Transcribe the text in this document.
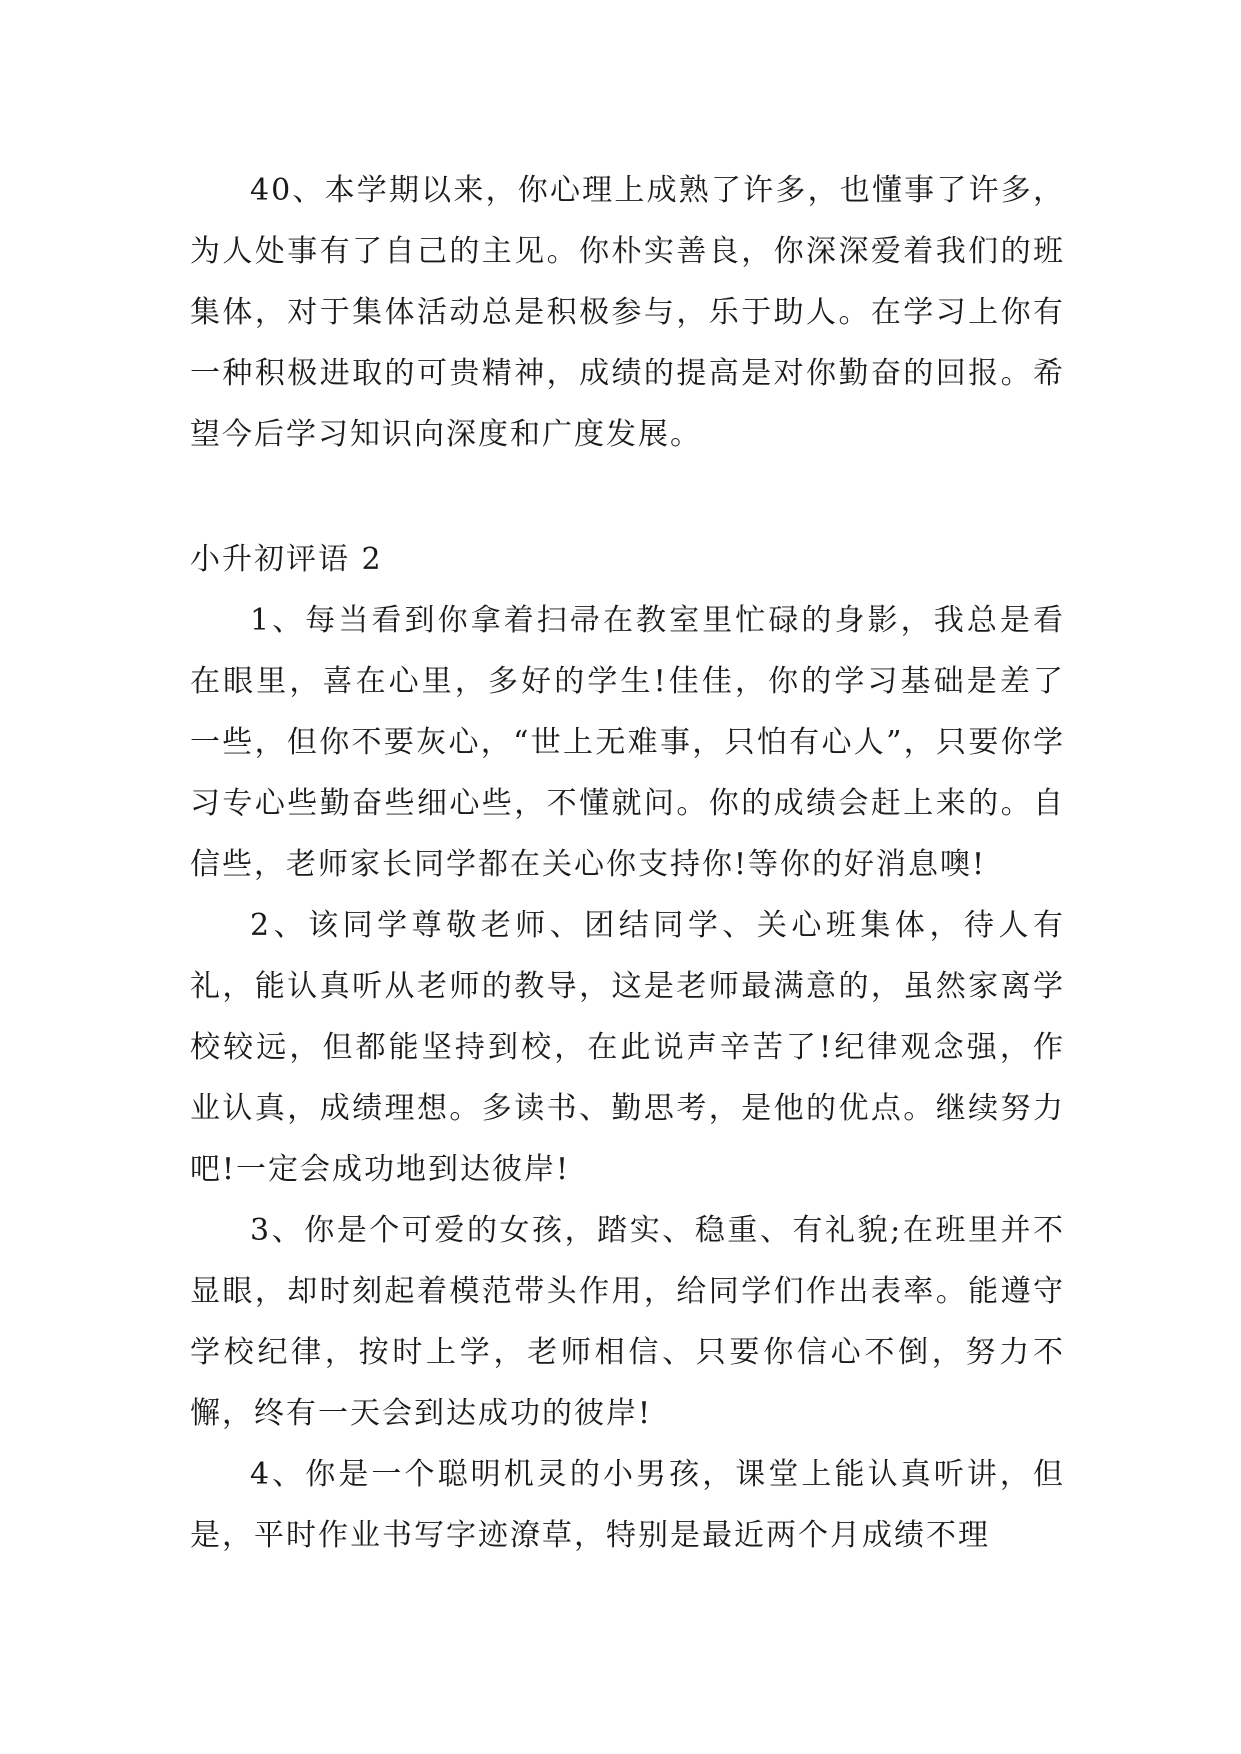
40、本学期以来，你心理上成熟了许多，也懂事了许多，为人处事有了自己的主见。你朴实善良，你深深爱着我们的班集体，对于集体活动总是积极参与，乐于助人。在学习上你有一种积极进取的可贵精神，成绩的提高是对你勤奋的回报。希望今后学习知识向深度和广度发展。

小升初评语 2

1、每当看到你拿着扫帚在教室里忙碌的身影，我总是看在眼里，喜在心里，多好的学生!佳佳，你的学习基础是差了一些，但你不要灰心，“世上无难事，只怕有心人”，只要你学习专心些勤奋些细心些，不懂就问。你的成绩会赶上来的。自信些，老师家长同学都在关心你支持你!等你的好消息噢!

2、该同学尊敬老师、团结同学、关心班集体，待人有礼，能认真听从老师的教导，这是老师最满意的，虽然家离学校较远，但都能坚持到校，在此说声辛苦了!纪律观念强，作业认真，成绩理想。多读书、勤思考，是他的优点。继续努力吧!一定会成功地到达彼岸!

3、你是个可爱的女孩，踏实、稳重、有礼貌;在班里并不显眼，却时刻起着模范带头作用，给同学们作出表率。能遵守学校纪律，按时上学，老师相信、只要你信心不倒，努力不懈，终有一天会到达成功的彼岸!

4、你是一个聪明机灵的小男孩，课堂上能认真听讲，但是，平时作业书写字迹潦草，特别是最近两个月成绩不理
